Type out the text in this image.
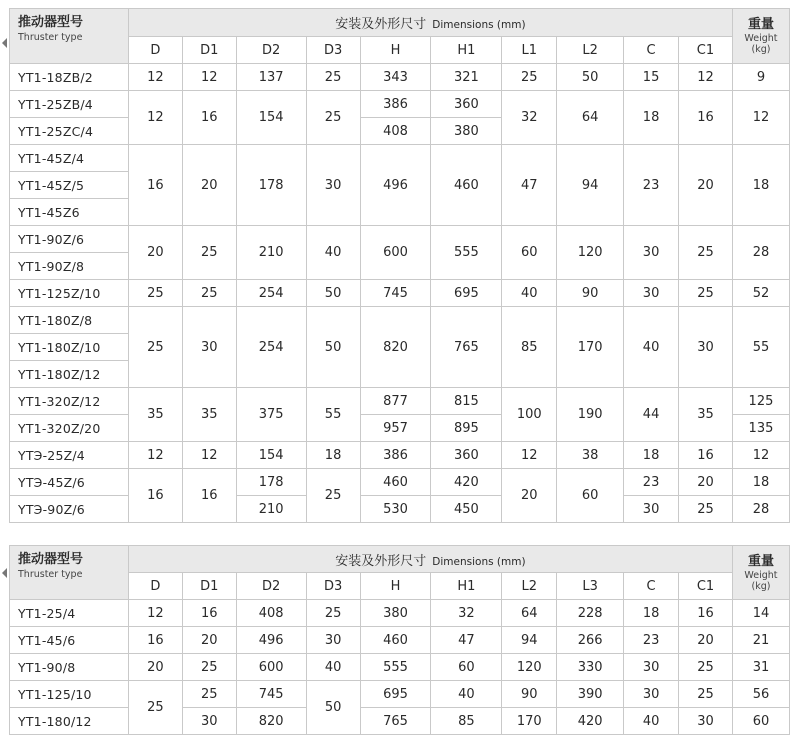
推动器型号
Thruster type	安装及外形尺寸 Dimensions (mm)										重量
Weight
(kg)

	D	D1	D2	D3	H	H1	L1	L2	C	C1	
YT1-18ZB/2	12	12	137	25	343	321	25	50	15	12	9
YT1-25ZB/4	12	16	154	25	386	360	32	64	18	16	12
YT1-25ZC/4					408	380					
YT1-45Z/4	16	20	178	30	496	460	47	94	23	20	18
YT1-45Z/5											
YT1-45Z6											
YT1-90Z/6	20	25	210	40	600	555	60	120	30	25	28
YT1-90Z/8											
YT1-125Z/10	25	25	254	50	745	695	40	90	30	25	52
YT1-180Z/8	25	30	254	50	820	765	85	170	40	30	55
YT1-180Z/10											
YT1-180Z/12											
YT1-320Z/12	35	35	375	55	877	815	100	190	44	35	125
YT1-320Z/20					957	895					135
YTЭ-25Z/4	12	12	154	18	386	360	12	38	18	16	12
YTЭ-45Z/6	16	16	178	25	460	420	20	60	23	20	18
YTЭ-90Z/6			210		530	450			30	25	28
推动器型号
Thruster type	安装及外形尺寸 Dimensions (mm)										重量
Weight
(kg)

	D	D1	D2	D3	H	H1	L2	L3	C	C1	
YT1-25/4	12	16	408	25	380	32	64	228	18	16	14
YT1-45/6	16	20	496	30	460	47	94	266	23	20	21
YT1-90/8	20	25	600	40	555	60	120	330	30	25	31
YT1-125/10	25	25	745	50	695	40	90	390	30	25	56
YT1-180/12		30	820		765	85	170	420	40	30	60
